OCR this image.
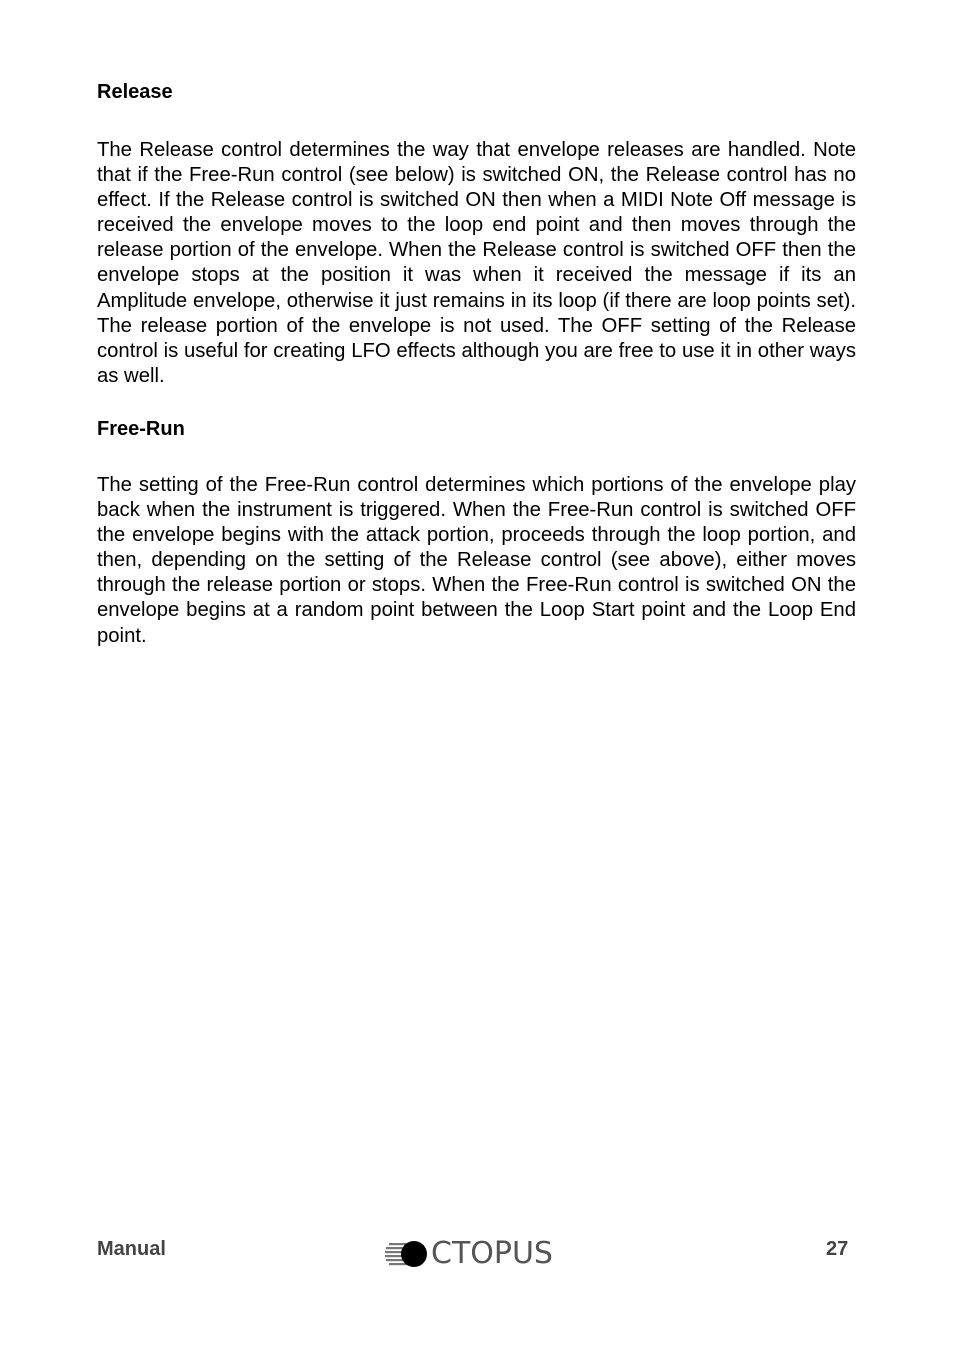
Release

The Release control determines the way that envelope releases are handled. Note that if the Free-Run control (see below) is switched ON, the Release control has no effect. If the Release control is switched ON then when a MIDI Note Off message is received the envelope moves to the loop end point and then moves through the release portion of the envelope. When the Release control is switched OFF then the envelope stops at the position it was when it received the message if its an Amplitude envelope, otherwise it just remains in its loop (if there are loop points set). The release portion of the envelope is not used. The OFF setting of the Release control is useful for creating LFO effects although you are free to use it in other ways as well.

Free-Run

The setting of the Free-Run control determines which portions of the envelope play back when the instrument is triggered. When the Free-Run control is switched OFF the envelope begins with the attack portion, proceeds through the loop portion, and then, depending on the setting of the Release control (see above), either moves through the release portion or stops. When the Free-Run control is switched ON the envelope begins at a random point between the Loop Start point and the Loop End point.

Manual	CTOPUS	27
